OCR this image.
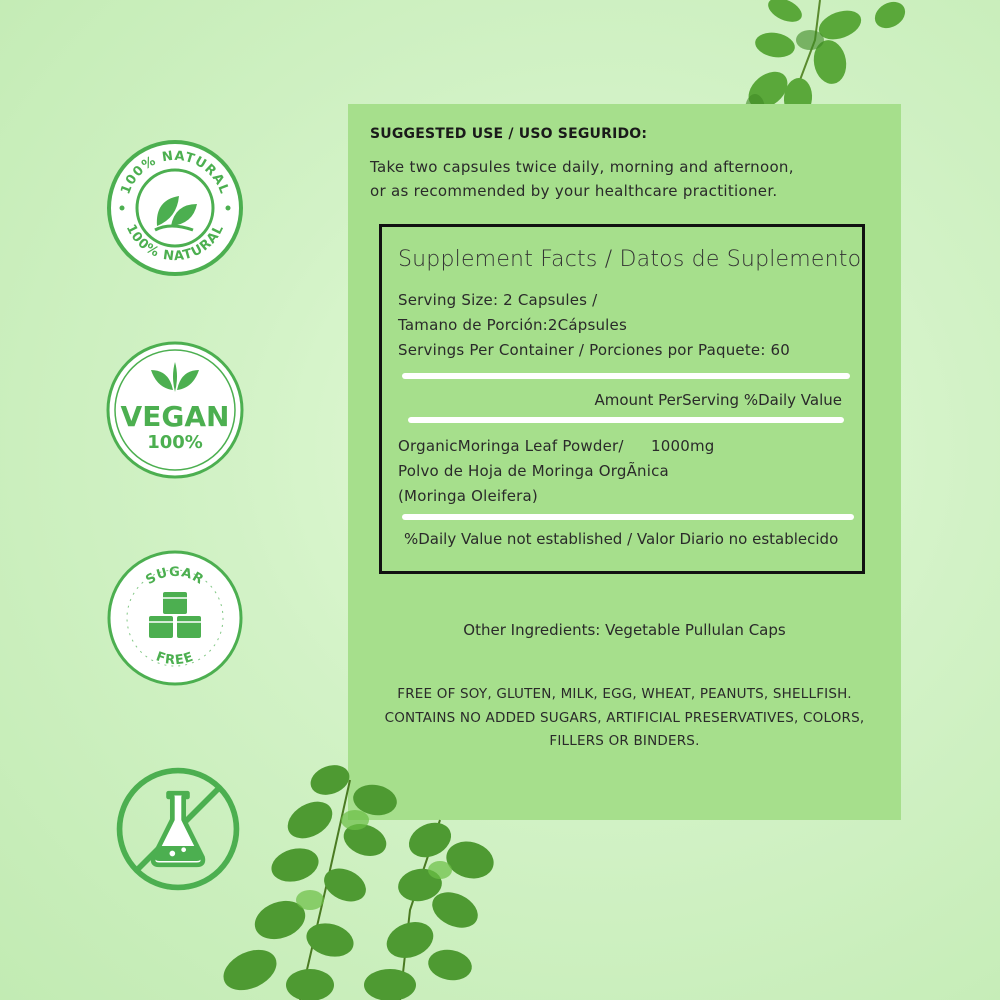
SUGGESTED USE / USO SEGURIDO:
Take two capsules twice daily, morning and afternoon,
or as recommended by your healthcare practitioner.
Supplement Facts / Datos de Suplemento
Serving Size: 2 Capsules /
Tamano de Porción:2Cápsules
Servings Per Container / Porciones por Paquete: 60
Amount PerServing %Daily Value
OrganicMoringa Leaf Powder/ 1000mg
Polvo de Hoja de Moringa OrgÃnica
(Moringa Oleifera)
%Daily Value not established / Valor Diario no establecido
Other Ingredients: Vegetable Pullulan Caps
FREE OF SOY, GLUTEN, MILK, EGG, WHEAT, PEANUTS, SHELLFISH.
CONTAINS NO ADDED SUGARS, ARTIFICIAL PRESERVATIVES, COLORS,
FILLERS OR BINDERS.
100% NATURAL
100% NATURAL
VEGAN
100%
SUGAR
FREE
